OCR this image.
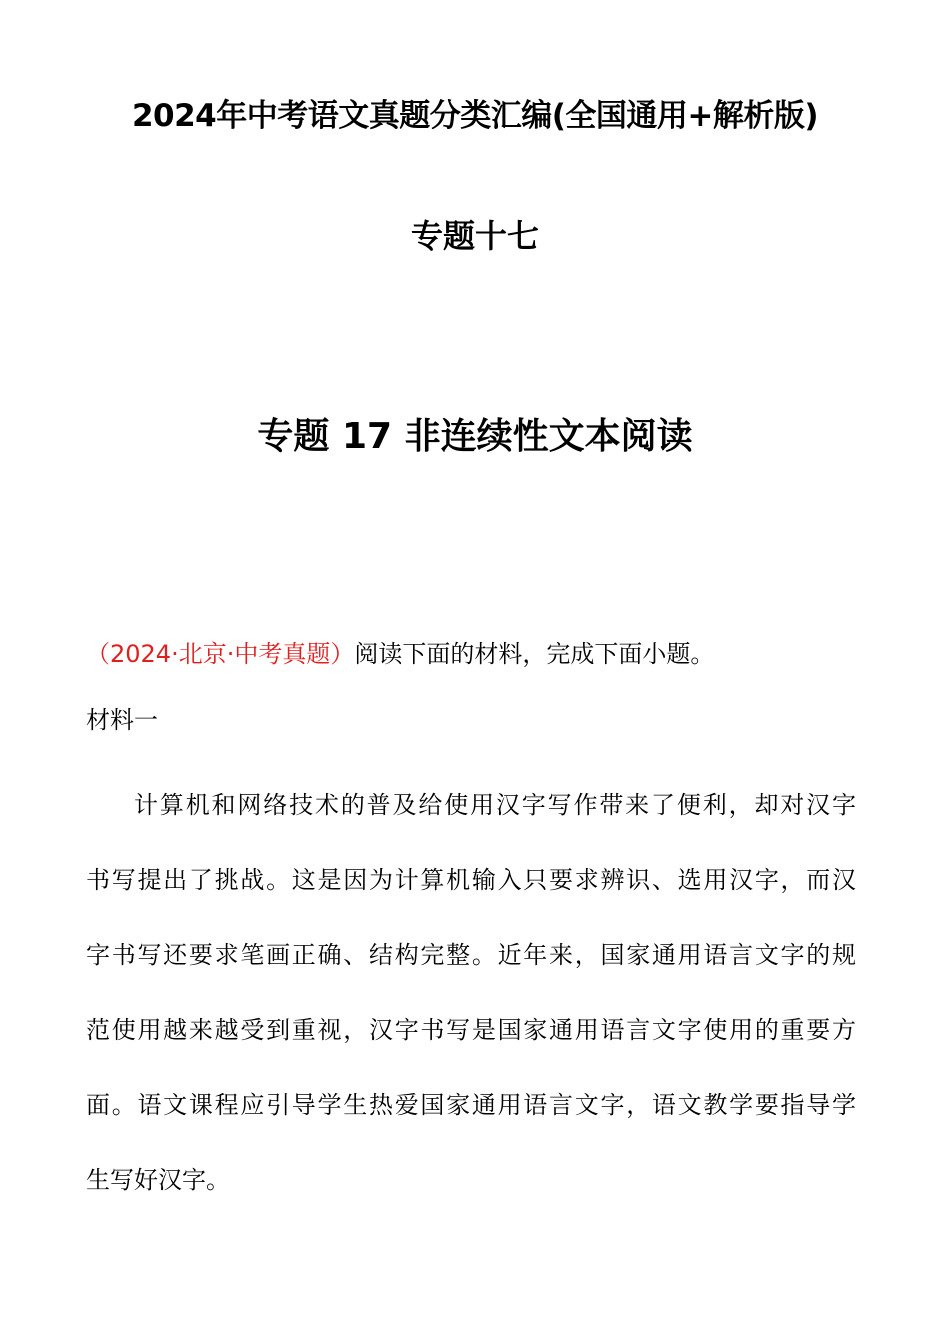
2024年中考语文真题分类汇编(全国通用+解析版)
专题十七
专题 17 非连续性文本阅读
（2024·北京·中考真题）阅读下面的材料，完成下面小题。
材料一

计算机和网络技术的普及给使用汉字写作带来了便利，却对汉字
书写提出了挑战。这是因为计算机输入只要求辨识、选用汉字，而汉
字书写还要求笔画正确、结构完整。近年来，国家通用语言文字的规
范使用越来越受到重视，汉字书写是国家通用语言文字使用的重要方
面。语文课程应引导学生热爱国家通用语言文字，语文教学要指导学
生写好汉字。
